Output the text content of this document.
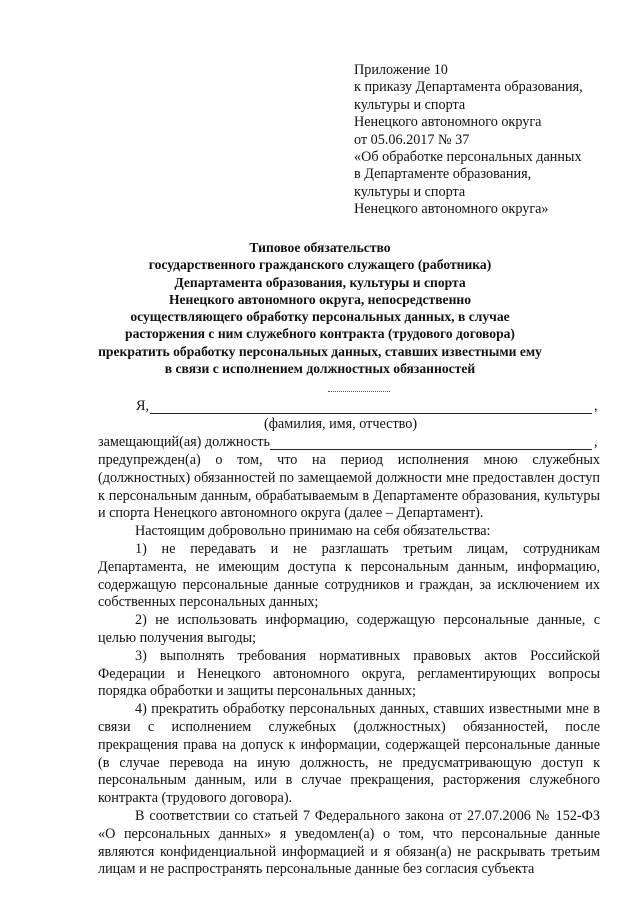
Приложение 10
к приказу Департамента образования,
культуры и спорта
Ненецкого автономного округа
от 05.06.2017 № 37
«Об обработке персональных данных
в Департаменте образования,
культуры и спорта
Ненецкого автономного округа»
Типовое обязательство
государственного гражданского служащего (работника)
Департамента образования, культуры и спорта
Ненецкого автономного округа, непосредственно
осуществляющего обработку персональных данных, в случае
расторжения с ним служебного контракта (трудового договора)
прекратить обработку персональных данных, ставших известными ему
в связи с исполнением должностных обязанностей
Я,	,
(фамилия, имя, отчество)
замещающий(ая) должность	,

предупрежден(а) о том, что на период исполнения мною служебных (должностных) обязанностей по замещаемой должности мне предоставлен доступ к персональным данным, обрабатываемым в Департаменте образования, культуры и спорта Ненецкого автономного округа (далее – Департамент).

Настоящим добровольно принимаю на себя обязательства:

1) не передавать и не разглашать третьим лицам, сотрудникам Департамента, не имеющим доступа к персональным данным, информацию, содержащую персональные данные сотрудников и граждан, за исключением их собственных персональных данных;

2) не использовать информацию, содержащую персональные данные, с целью получения выгоды;

3) выполнять требования нормативных правовых актов Российской Федерации и Ненецкого автономного округа, регламентирующих вопросы порядка обработки и защиты персональных данных;

4) прекратить обработку персональных данных, ставших известными мне в связи с исполнением служебных (должностных) обязанностей, после прекращения права на допуск к информации, содержащей персональные данные (в случае перевода на иную должность, не предусматривающую доступ к персональным данным, или в случае прекращения, расторжения служебного контракта (трудового договора).

В соответствии со статьей 7 Федерального закона от 27.07.2006 № 152-ФЗ «О персональных данных» я уведомлен(а) о том, что персональные данные являются конфиденциальной информацией и я обязан(а) не раскрывать третьим лицам и не распространять персональные данные без согласия субъекта
